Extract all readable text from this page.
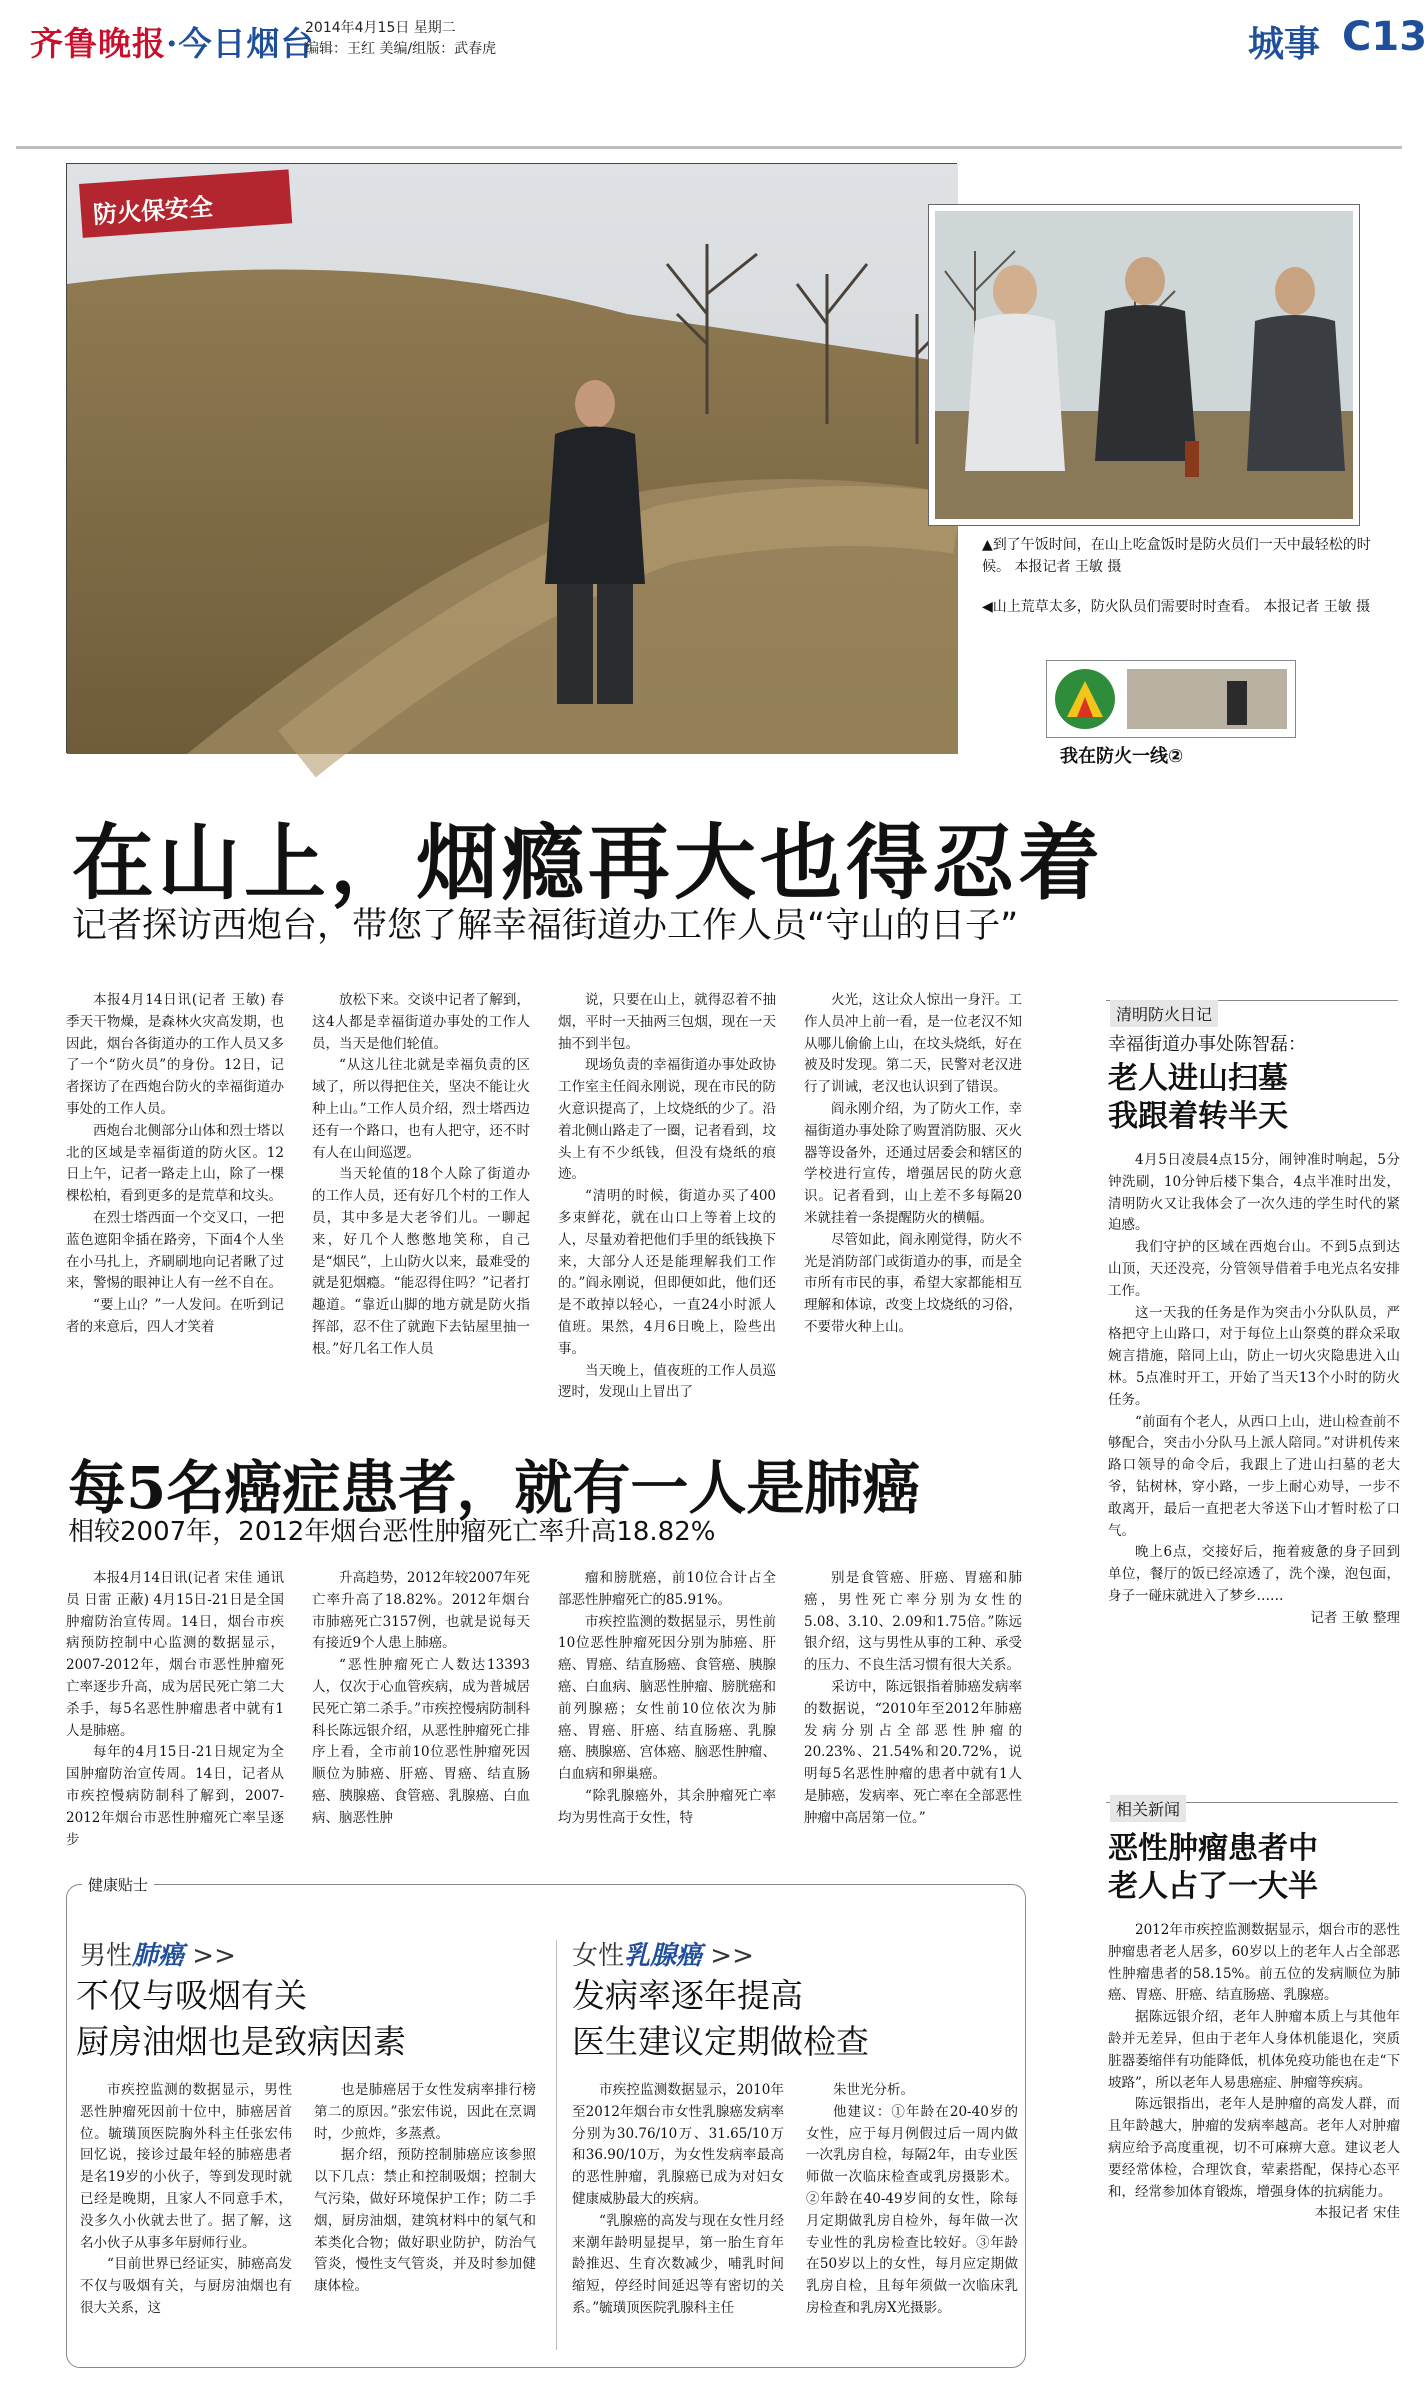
齐鲁晚报·今日烟台
2014年4月15日 星期二
编辑：王红 美编/组版：武春虎	城事 C13
防火保安全
▲到了午饭时间，在山上吃盒饭时是防火员们一天中最轻松的时候。 本报记者 王敏 摄
◀山上荒草太多，防火队员们需要时时查看。 本报记者 王敏 摄
我在防火一线②
在山上，烟瘾再大也得忍着
记者探访西炮台，带您了解幸福街道办工作人员“守山的日子”

本报4月14日讯(记者 王敏) 春季天干物燥，是森林火灾高发期，也因此，烟台各街道办的工作人员又多了一个“防火员”的身份。12日，记者探访了在西炮台防火的幸福街道办事处的工作人员。

西炮台北侧部分山体和烈士塔以北的区域是幸福街道的防火区。12日上午，记者一路走上山，除了一棵棵松柏，看到更多的是荒草和坟头。

在烈士塔西面一个交叉口，一把蓝色遮阳伞插在路旁，下面4个人坐在小马扎上，齐刷刷地向记者瞅了过来，警惕的眼神让人有一丝不自在。

“要上山？”一人发问。在听到记者的来意后，四人才笑着

放松下来。交谈中记者了解到，这4人都是幸福街道办事处的工作人员，当天是他们轮值。

“从这儿往北就是幸福负责的区域了，所以得把住关，坚决不能让火种上山。”工作人员介绍，烈士塔西边还有一个路口，也有人把守，还不时有人在山间巡逻。

当天轮值的18个人除了街道办的工作人员，还有好几个村的工作人员，其中多是大老爷们儿。一聊起来，好几个人憋憋地笑称，自己是“烟民”，上山防火以来，最难受的就是犯烟瘾。“能忍得住吗？”记者打趣道。“靠近山脚的地方就是防火指挥部，忍不住了就跑下去钻屋里抽一根。”好几名工作人员

说，只要在山上，就得忍着不抽烟，平时一天抽两三包烟，现在一天抽不到半包。

现场负责的幸福街道办事处政协工作室主任阎永刚说，现在市民的防火意识提高了，上坟烧纸的少了。沿着北侧山路走了一圈，记者看到，坟头上有不少纸钱，但没有烧纸的痕迹。

“清明的时候，街道办买了400多束鲜花，就在山口上等着上坟的人，尽量劝着把他们手里的纸钱换下来，大部分人还是能理解我们工作的。”阎永刚说，但即便如此，他们还是不敢掉以轻心，一直24小时派人值班。果然，4月6日晚上，险些出事。

当天晚上，值夜班的工作人员巡逻时，发现山上冒出了

火光，这让众人惊出一身汗。工作人员冲上前一看，是一位老汉不知从哪儿偷偷上山，在坟头烧纸，好在被及时发现。第二天，民警对老汉进行了训诫，老汉也认识到了错误。

阎永刚介绍，为了防火工作，幸福街道办事处除了购置消防服、灭火器等设备外，还通过居委会和辖区的学校进行宣传，增强居民的防火意识。记者看到，山上差不多每隔20米就挂着一条提醒防火的横幅。

尽管如此，阎永刚觉得，防火不光是消防部门或街道办的事，而是全市所有市民的事，希望大家都能相互理解和体谅，改变上坟烧纸的习俗，不要带火种上山。

清明防火日记
幸福街道办事处陈智磊：
老人进山扫墓
我跟着转半天

4月5日凌晨4点15分，闹钟准时响起，5分钟洗刷，10分钟后楼下集合，4点半准时出发，清明防火又让我体会了一次久违的学生时代的紧迫感。

我们守护的区域在西炮台山。不到5点到达山顶，天还没亮，分管领导借着手电光点名安排工作。

这一天我的任务是作为突击小分队队员，严格把守上山路口，对于每位上山祭奠的群众采取婉言措施，陪同上山，防止一切火灾隐患进入山林。5点准时开工，开始了当天13个小时的防火任务。

“前面有个老人，从西口上山，进山检查前不够配合，突击小分队马上派人陪同。”对讲机传来路口领导的命令后，我跟上了进山扫墓的老大爷，钻树林，穿小路，一步上耐心劝导，一步不敢离开，最后一直把老大爷送下山才暂时松了口气。

晚上6点，交接好后，拖着疲惫的身子回到单位，餐厅的饭已经凉透了，洗个澡，泡包面，身子一碰床就进入了梦乡……

记者 王敏 整理

每5名癌症患者，就有一人是肺癌
相较2007年，2012年烟台恶性肿瘤死亡率升高18.82%

本报4月14日讯(记者 宋佳 通讯员 日雷 正蔽) 4月15日-21日是全国肿瘤防治宣传周。14日，烟台市疾病预防控制中心监测的数据显示，2007-2012年，烟台市恶性肿瘤死亡率逐步升高，成为居民死亡第二大杀手，每5名恶性肿瘤患者中就有1人是肺癌。

每年的4月15日-21日规定为全国肿瘤防治宣传周。14日，记者从市疾控慢病防制科了解到，2007-2012年烟台市恶性肿瘤死亡率呈逐步

升高趋势，2012年较2007年死亡率升高了18.82%。2012年烟台市肺癌死亡3157例，也就是说每天有接近9个人患上肺癌。

“恶性肿瘤死亡人数达13393人，仅次于心血管疾病，成为普城居民死亡第二杀手。”市疾控慢病防制科科长陈远银介绍，从恶性肿瘤死亡排序上看，全市前10位恶性肿瘤死因顺位为肺癌、肝癌、胃癌、结直肠癌、胰腺癌、食管癌、乳腺癌、白血病、脑恶性肿

瘤和膀胱癌，前10位合计占全部恶性肿瘤死亡的85.91%。

市疾控监测的数据显示，男性前10位恶性肿瘤死因分别为肺癌、肝癌、胃癌、结直肠癌、食管癌、胰腺癌、白血病、脑恶性肿瘤、膀胱癌和前列腺癌；女性前10位依次为肺癌、胃癌、肝癌、结直肠癌、乳腺癌、胰腺癌、宫体癌、脑恶性肿瘤、白血病和卵巢癌。

“除乳腺癌外，其余肿瘤死亡率均为男性高于女性，特

别是食管癌、肝癌、胃癌和肺癌，男性死亡率分别为女性的5.08、3.10、2.09和1.75倍。”陈远银介绍，这与男性从事的工种、承受的压力、不良生活习惯有很大关系。

采访中，陈远银指着肺癌发病率的数据说，“2010年至2012年肺癌发病分别占全部恶性肿瘤的20.23%、21.54%和20.72%，说明每5名恶性肿瘤的患者中就有1人是肺癌，发病率、死亡率在全部恶性肿瘤中高居第一位。”	相关新闻
恶性肿瘤患者中
老人占了一大半

2012年市疾控监测数据显示，烟台市的恶性肿瘤患者老人居多，60岁以上的老年人占全部恶性肿瘤患者的58.15%。前五位的发病顺位为肺癌、胃癌、肝癌、结直肠癌、乳腺癌。

据陈远银介绍，老年人肿瘤本质上与其他年龄并无差异，但由于老年人身体机能退化，突质脏器萎缩伴有功能降低，机体免疫功能也在走“下坡路”，所以老年人易患癌症、肿瘤等疾病。

陈远银指出，老年人是肿瘤的高发人群，而且年龄越大，肿瘤的发病率越高。老年人对肿瘤病应给予高度重视，切不可麻痹大意。建议老人要经常体检，合理饮食，荤素搭配，保持心态平和，经常参加体育锻炼，增强身体的抗病能力。

本报记者 宋佳

健康贴士
男性肺癌 >>
不仅与吸烟有关
厨房油烟也是致病因素

市疾控监测的数据显示，男性恶性肿瘤死因前十位中，肺癌居首位。毓璜顶医院胸外科主任张宏伟回忆说，接诊过最年轻的肺癌患者是名19岁的小伙子，等到发现时就已经是晚期，且家人不同意手术，没多久小伙就去世了。据了解，这名小伙子从事多年厨师行业。

“目前世界已经证实，肺癌高发不仅与吸烟有关，与厨房油烟也有很大关系，这

也是肺癌居于女性发病率排行榜第二的原因。”张宏伟说，因此在烹调时，少煎炸，多蒸煮。

据介绍，预防控制肺癌应该参照以下几点：禁止和控制吸烟；控制大气污染，做好环境保护工作；防二手烟，厨房油烟，建筑材料中的氡气和苯类化合物；做好职业防护，防治气管炎，慢性支气管炎，并及时参加健康体检。

女性乳腺癌 >>
发病率逐年提高
医生建议定期做检查

市疾控监测数据显示，2010年至2012年烟台市女性乳腺癌发病率分别为30.76/10万、31.65/10万和36.90/10万，为女性发病率最高的恶性肿瘤，乳腺癌已成为对妇女健康威胁最大的疾病。

“乳腺癌的高发与现在女性月经来潮年龄明显提早，第一胎生育年龄推迟、生育次数减少，哺乳时间缩短，停经时间延迟等有密切的关系。”毓璜顶医院乳腺科主任

朱世光分析。

他建议：①年龄在20-40岁的女性，应于每月例假过后一周内做一次乳房自检，每隔2年，由专业医师做一次临床检查或乳房摄影术。②年龄在40-49岁间的女性，除每月定期做乳房自检外，每年做一次专业性的乳房检查比较好。③年龄在50岁以上的女性，每月应定期做乳房自检，且每年须做一次临床乳房检查和乳房X光摄影。
